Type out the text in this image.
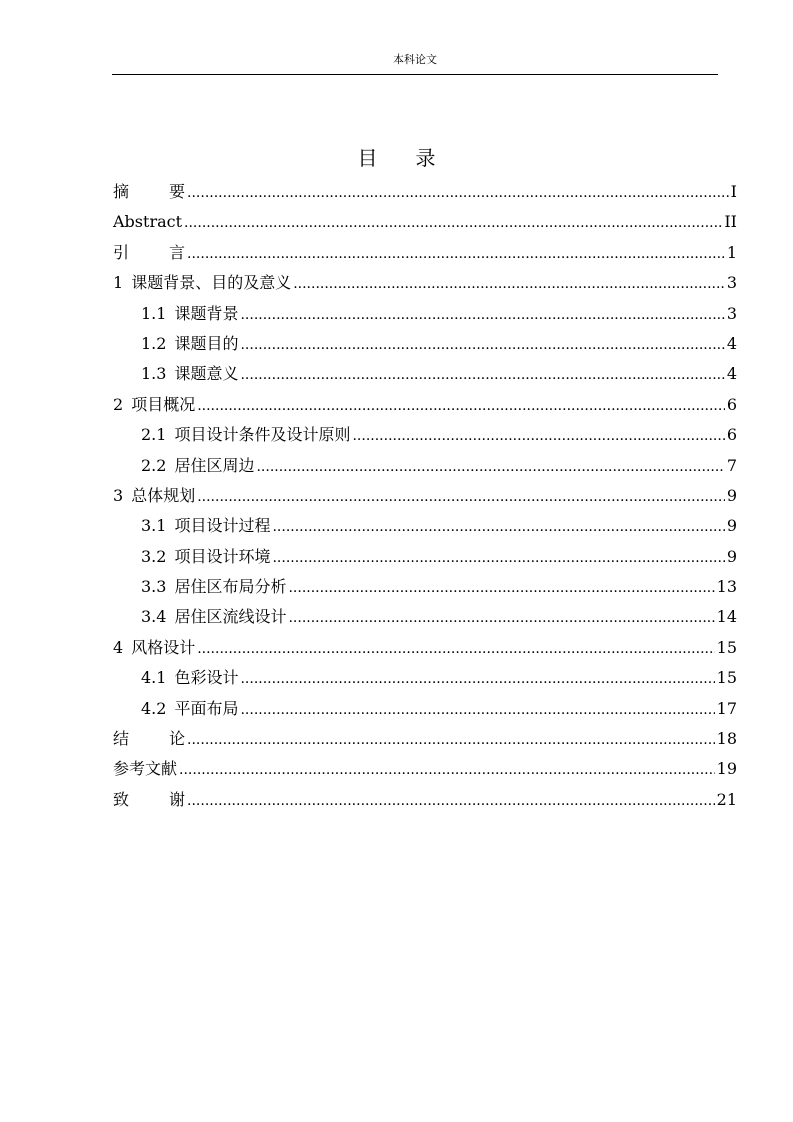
本科论文
目 录
摘 要 .....	I
Abstract .....	II
引 言 .....	1
1 课题背景、目的及意义 .....	3
1.1 课题背景 .....	3
1.2 课题目的 .....	4
1.3 课题意义 .....	4
2 项目概况 .....	6
2.1 项目设计条件及设计原则 .....	6
2.2 居住区周边 .....	7
3 总体规划 .....	9
3.1 项目设计过程 .....	9
3.2 项目设计环境 .....	9
3.3 居住区布局分析 .....	13
3.4 居住区流线设计 .....	14
4 风格设计 .....	15
4.1 色彩设计 .....	15
4.2 平面布局 .....	17
结 论 .....	18
参考文献 .....	19
致 谢 .....	21
